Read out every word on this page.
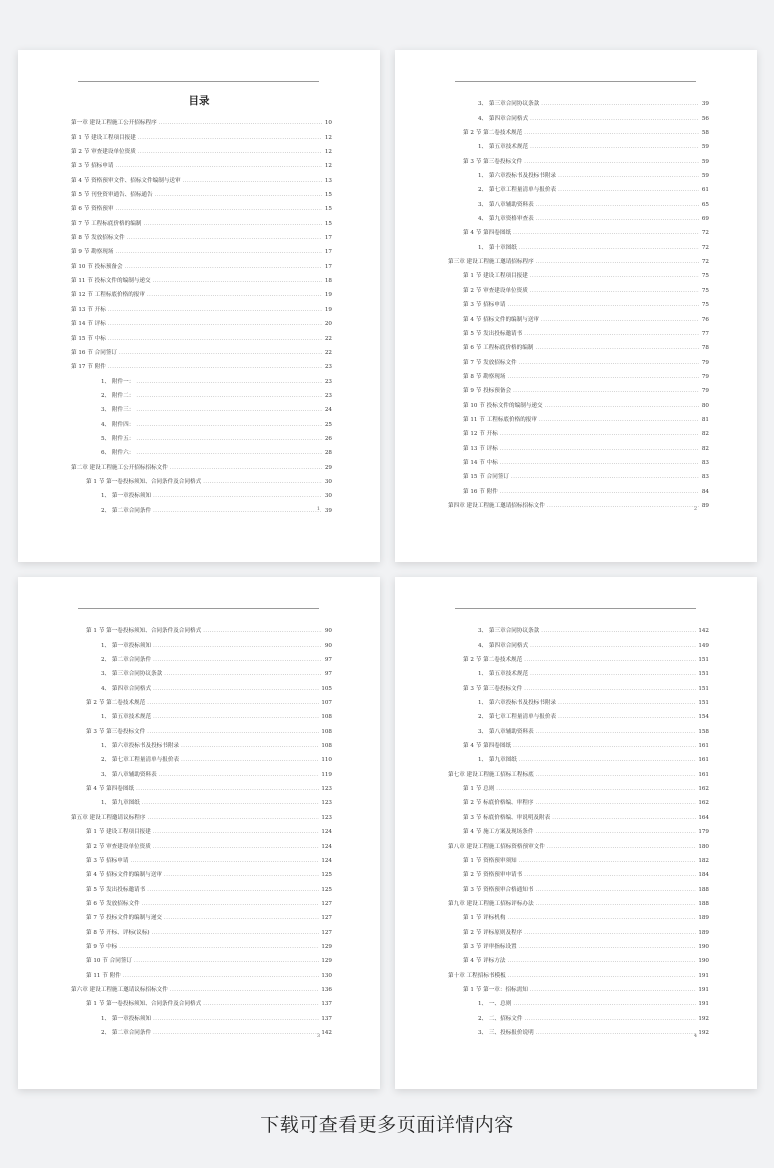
目录
第一章 建设工程施工公开招标程序 .....	10
第 1 节 建设工程项目报建 .....	12
第 2 节 审查建设单位资质 .....	12
第 3 节 招标申请 .....	12
第 4 节 资格预审文件、招标文件编制与送审 .....	13
第 5 节 刊登资审通告、招标通告 .....	15
第 6 节 资格预审 .....	15
第 7 节 工程标底价格的编制 .....	15
第 8 节 发放招标文件 .....	17
第 9 节 勘察现场 .....	17
第 10 节 投标预备会 .....	17
第 11 节 投标文件的编制与递交 .....	18
第 12 节 工程标底价格的报审 .....	19
第 13 节 开标 .....	19
第 14 节 评标 .....	20
第 15 节 中标 .....	22
第 16 节 合同签订 .....	22
第 17 节 附件 .....	23
1、 附件一： .....	23
2、 附件二： .....	23
3、 附件三： .....	24
4、 附件四： .....	25
5、 附件五： .....	26
6、 附件六： .....	28
第二章 建设工程施工公开招标招标文件 .....	29
第 1 节 第一卷投标须知、合同条件及合同格式 .....	30
1、 第一章投标须知 .....	30
2、 第二章合同条件 .....	39
1
3、 第三章合同协议条款 .....	39
4、 第四章合同格式 .....	56
第 2 节 第二卷技术规范 .....	58
1、 第五章技术规范 .....	59
第 3 节 第三卷投标文件 .....	59
1、 第六章投标书及投标书附录 .....	59
2、 第七章工程量清单与报价表 .....	61
3、 第八章辅助资料表 .....	65
4、 第九章资格审查表 .....	69
第 4 节 第四卷图纸 .....	72
1、 第十章图纸 .....	72
第三章 建设工程施工邀请招标程序 .....	72
第 1 节 建设工程项目报建 .....	75
第 2 节 审查建设单位资质 .....	75
第 3 节 招标申请 .....	75
第 4 节 招标文件的编制与送审 .....	76
第 5 节 发出投标邀请书 .....	77
第 6 节 工程标底价格的编制 .....	78
第 7 节 发放招标文件 .....	79
第 8 节 勘察现场 .....	79
第 9 节 投标预备会 .....	79
第 10 节 投标文件的编制与递交 .....	80
第 11 节 工程标底价格的报审 .....	81
第 12 节 开标 .....	82
第 13 节 评标 .....	82
第 14 节 中标 .....	83
第 15 节 合同签订 .....	83
第 16 节 附件 .....	84
第四章 建设工程施工邀请招标招标文件 .....	89
2
第 1 节 第一卷投标须知、合同条件及合同格式 .....	90
1、 第一章投标须知 .....	90
2、 第二章合同条件 .....	97
3、 第三章合同协议条款 .....	97
4、 第四章合同格式 .....	105
第 2 节 第二卷技术规范 .....	107
1、 第五章技术规范 .....	108
第 3 节 第三卷投标文件 .....	108
1、 第六章投标书及投标书附录 .....	108
2、 第七章工程量清单与报价表 .....	110
3、 第八章辅助资料表 .....	119
第 4 节 第四卷图纸 .....	123
1、 第九章图纸 .....	123
第五章 建设工程邀请议标程序 .....	123
第 1 节 建设工程项目报建 .....	124
第 2 节 审查建设单位资质 .....	124
第 3 节 招标申请 .....	124
第 4 节 招标文件的编制与送审 .....	125
第 5 节 发出投标邀请书 .....	125
第 6 节 发放招标文件 .....	127
第 7 节 投标文件的编制与递交 .....	127
第 8 节 开标、评标(议标) .....	127
第 9 节 中标 .....	129
第 10 节 合同签订 .....	129
第 11 节 附件 .....	130
第六章 建设工程施工邀请议标招标文件 .....	136
第 1 节 第一卷投标须知、合同条件及合同格式 .....	137
1、 第一章投标须知 .....	137
2、 第二章合同条件 .....	142
3
3、 第三章合同协议条款 .....	142
4、 第四章合同格式 .....	149
第 2 节 第二卷技术规范 .....	151
1、 第五章技术规范 .....	151
第 3 节 第三卷投标文件 .....	151
1、 第六章投标书及投标书附录 .....	151
2、 第七章工程量清单与报价表 .....	154
3、 第八章辅助资料表 .....	158
第 4 节 第四卷图纸 .....	161
1、 第九章图纸 .....	161
第七章 建设工程施工招标工程标底 .....	161
第 1 节 总则 .....	162
第 2 节 标底价格编、审程序 .....	162
第 3 节 标底价格编、审说明及附表 .....	164
第 4 节 施工方案及现场条件 .....	179
第八章 建设工程施工招标资格预审文件 .....	180
第 1 节 资格预审须知 .....	182
第 2 节 资格预审申请书 .....	184
第 3 节 资格预审合格通知书 .....	188
第九章 建设工程施工招标评标办法 .....	188
第 1 节 评标机构 .....	189
第 2 节 评标原则及程序 .....	189
第 3 节 评审指标设置 .....	190
第 4 节 评标方法 .....	190
第十章 工程招标书模板 .....	191
第 1 节 第一章：招标需知 .....	191
1、 一、总则 .....	191
2、 二、招标文件 .....	192
3、 三、投标报价说明 .....	192
4
下载可查看更多页面详情内容
